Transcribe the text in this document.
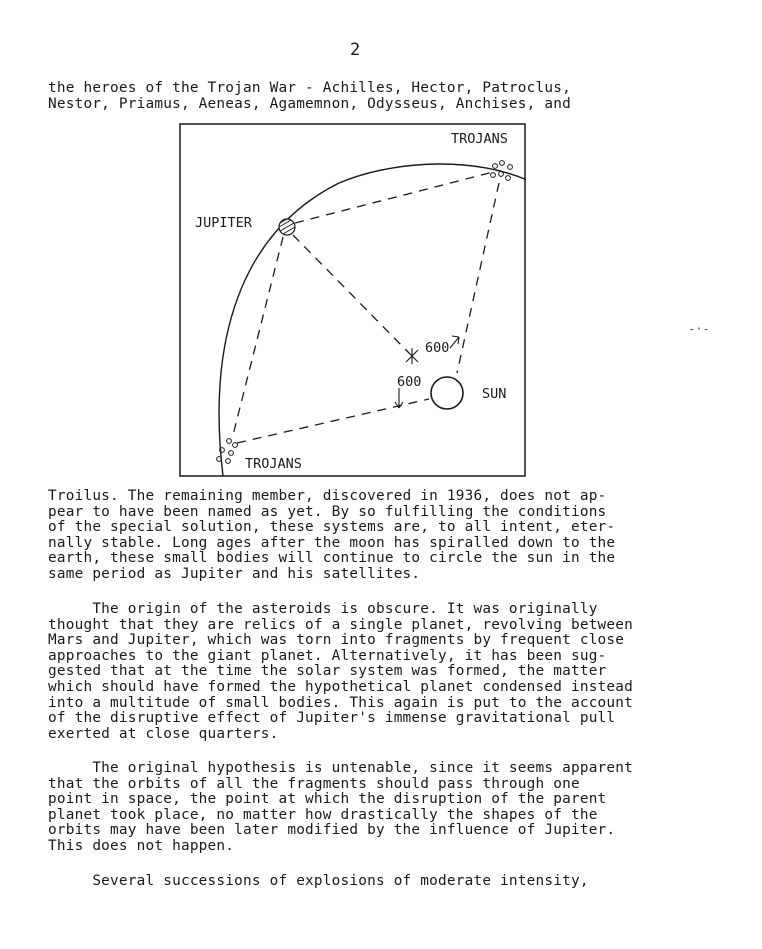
2
the heroes of the Trojan War - Achilles, Hector, Patroclus,
Nestor, Priamus, Aeneas, Agamemnon, Odysseus, Anchises, and
TROJANS
JUPITER
600
600
SUN
TROJANS
-·-
Troilus. The remaining member, discovered in 1936, does not ap-
pear to have been named as yet. By so fulfilling the conditions
of the special solution, these systems are, to all intent, eter-
nally stable. Long ages after the moon has spiralled down to the
earth, these small bodies will continue to circle the sun in the
same period as Jupiter and his satellites.
The origin of the asteroids is obscure. It was originally
thought that they are relics of a single planet, revolving between
Mars and Jupiter, which was torn into fragments by frequent close
approaches to the giant planet. Alternatively, it has been sug-
gested that at the time the solar system was formed, the matter
which should have formed the hypothetical planet condensed instead
into a multitude of small bodies. This again is put to the account
of the disruptive effect of Jupiter's immense gravitational pull
exerted at close quarters.
The original hypothesis is untenable, since it seems apparent
that the orbits of all the fragments should pass through one
point in space, the point at which the disruption of the parent
planet took place, no matter how drastically the shapes of the
orbits may have been later modified by the influence of Jupiter.
This does not happen.
Several successions of explosions of moderate intensity,
